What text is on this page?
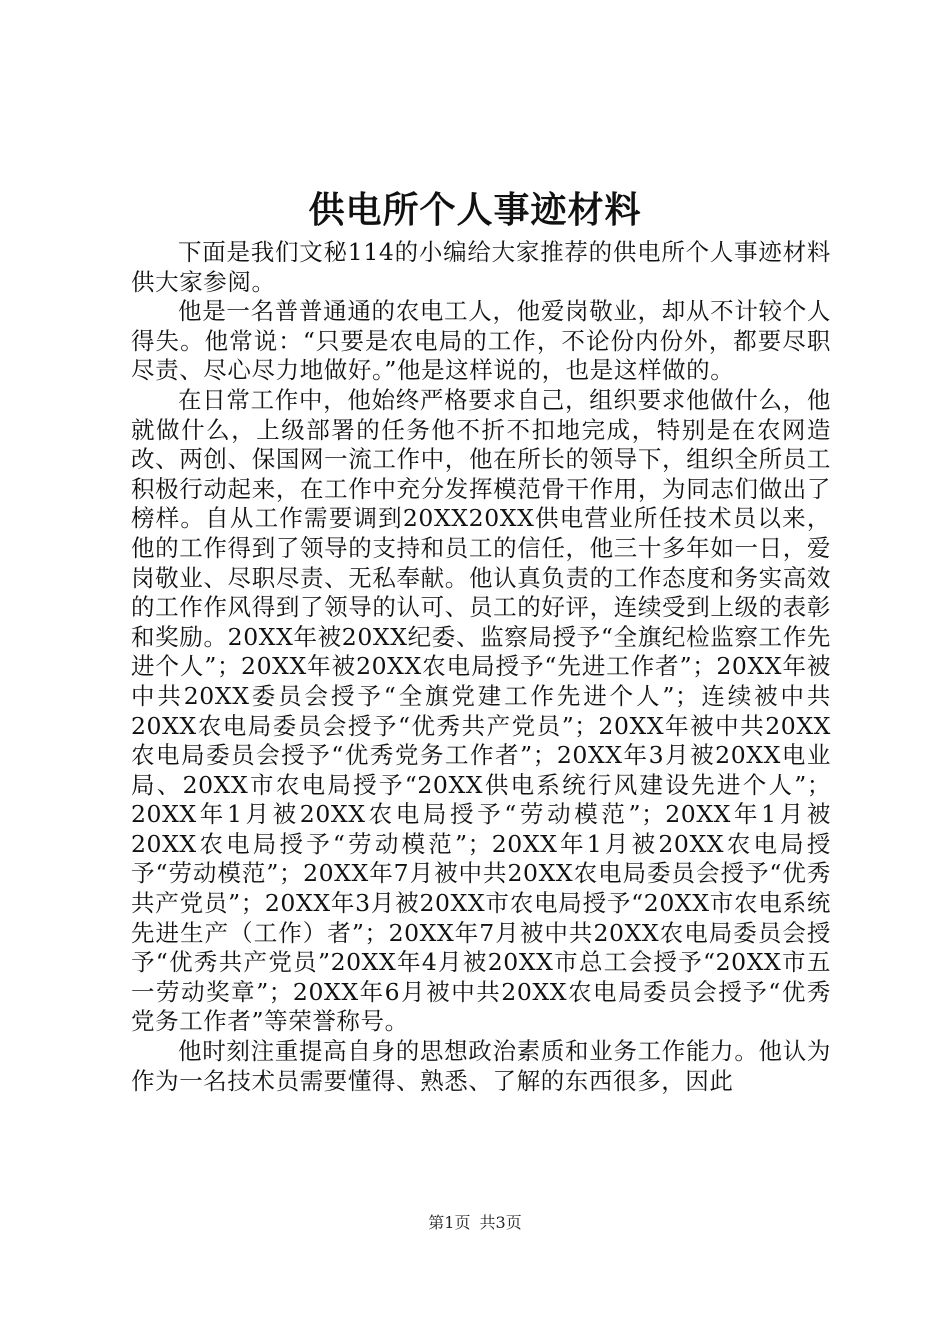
供电所个人事迹材料

下面是我们文秘114的小编给大家推荐的供电所个人事迹材料供大家参阅。

他是一名普普通通的农电工人，他爱岗敬业，却从不计较个人得失。他常说：“只要是农电局的工作，不论份内份外，都要尽职尽责、尽心尽力地做好。”他是这样说的，也是这样做的。

在日常工作中，他始终严格要求自己，组织要求他做什么，他就做什么，上级部署的任务他不折不扣地完成，特别是在农网造改、两创、保国网一流工作中，他在所长的领导下，组织全所员工积极行动起来，在工作中充分发挥模范骨干作用，为同志们做出了榜样。自从工作需要调到20XX20XX供电营业所任技术员以来，他的工作得到了领导的支持和员工的信任，他三十多年如一日，爱岗敬业、尽职尽责、无私奉献。他认真负责的工作态度和务实高效的工作作风得到了领导的认可、员工的好评，连续受到上级的表彰和奖励。20XX年被20XX纪委、监察局授予“全旗纪检监察工作先进个人”；20XX年被20XX农电局授予“先进工作者”；20XX年被中共20XX委员会授予“全旗党建工作先进个人”；连续被中共20XX农电局委员会授予“优秀共产党员”；20XX年被中共20XX农电局委员会授予“优秀党务工作者”；20XX年3月被20XX电业局、20XX市农电局授予“20XX供电系统行风建设先进个人”；20XX年1月被20XX农电局授予“劳动模范”；20XX年1月被20XX农电局授予“劳动模范”；20XX年1月被20XX农电局授予“劳动模范”；20XX年7月被中共20XX农电局委员会授予“优秀共产党员”；20XX年3月被20XX市农电局授予“20XX市农电系统先进生产（工作）者”；20XX年7月被中共20XX农电局委员会授予“优秀共产党员”20XX年4月被20XX市总工会授予“20XX市五一劳动奖章”；20XX年6月被中共20XX农电局委员会授予“优秀党务工作者”等荣誉称号。

他时刻注重提高自身的思想政治素质和业务工作能力。他认为作为一名技术员需要懂得、熟悉、了解的东西很多，因此

第1页 共3页
